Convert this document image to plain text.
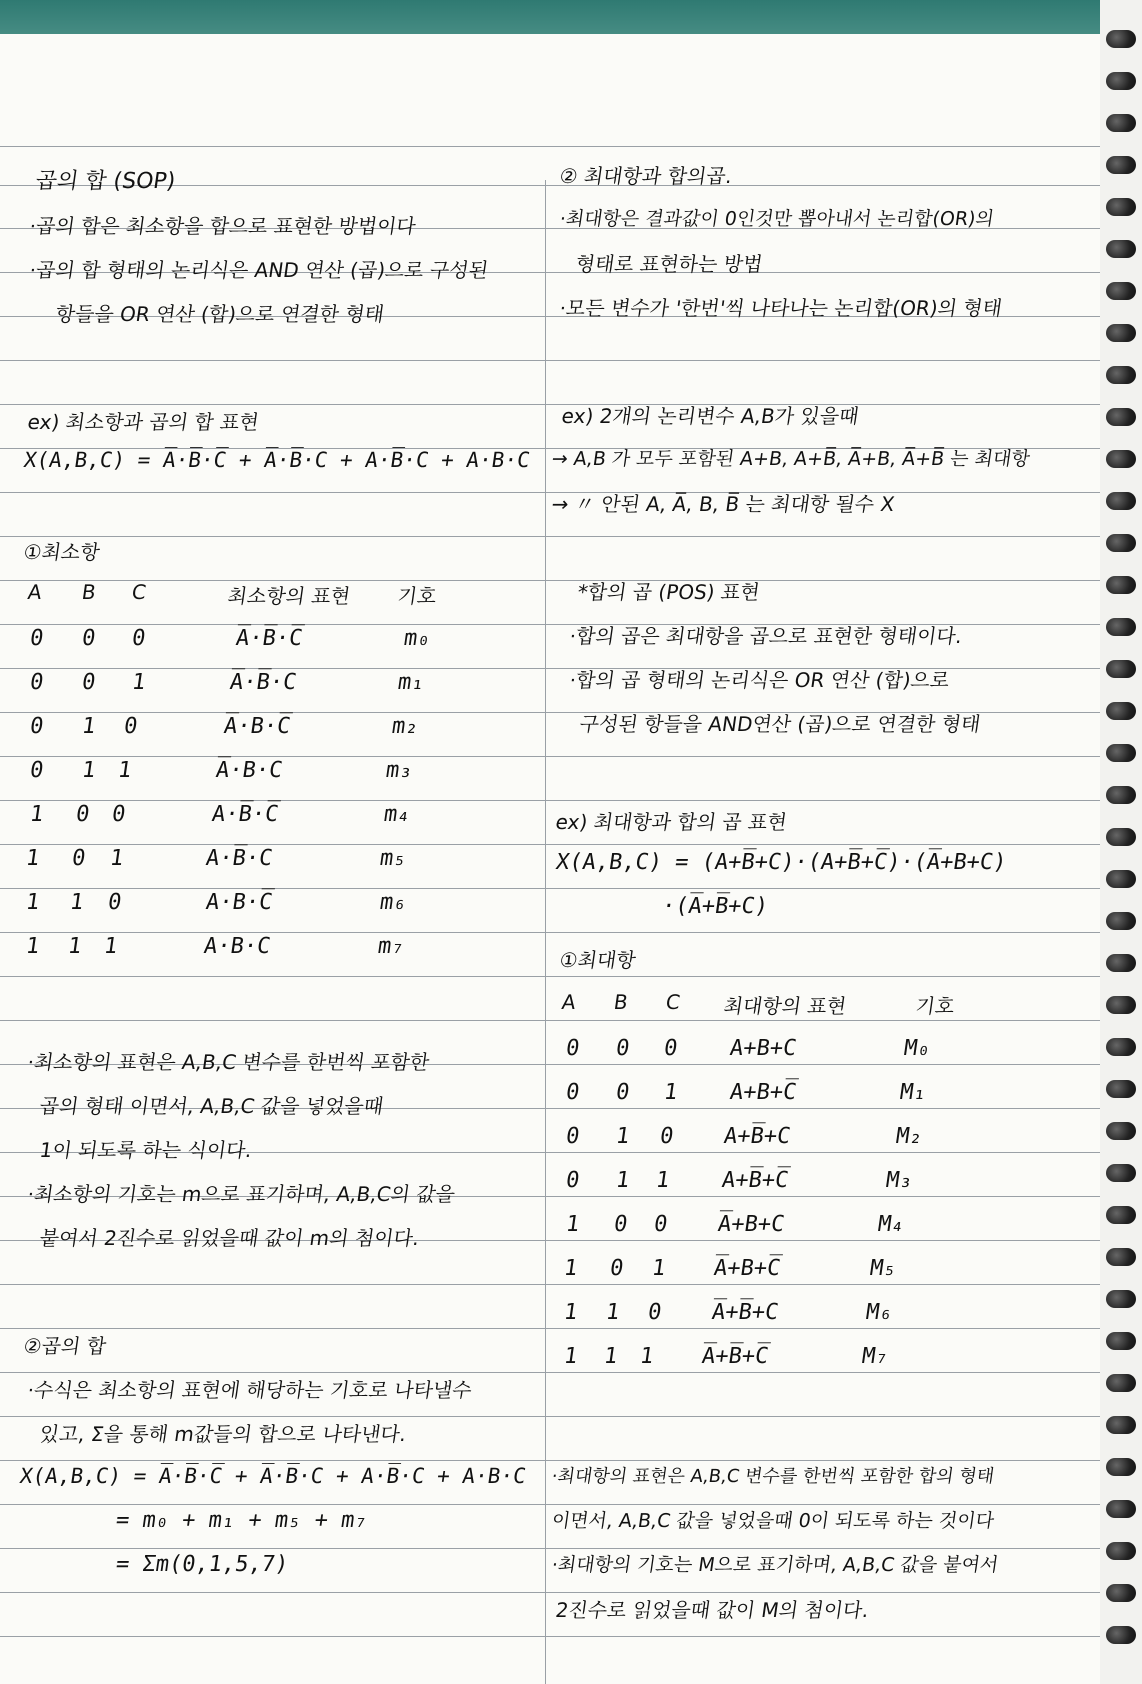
곱의 합 (SOP)
·곱의 합은 최소항을 합으로 표현한 방법이다
·곱의 합 형태의 논리식은 AND 연산 (곱)으로 구성된
항들을 OR 연산 (합)으로 연결한 형태
ex) 최소항과 곱의 합 표현
X(A,B,C) = A̅·B̅·C̅ + A̅·B̅·C + A·B̅·C + A·B·C
①최소항
A B C	최소항의 표현 기호
0 0 0	A̅·B̅·C̅	m₀
0 0 1	A̅·B̅·C	m₁
0 1 0	A̅·B·C̅	m₂
0 1 1	A̅·B·C	m₃
1 0 0	A·B̅·C̅	m₄
1 0 1	A·B̅·C	m₅
1 1 0	A·B·C̅	m₆
1 1 1	A·B·C	m₇
·최소항의 표현은 A,B,C 변수를 한번씩 포함한
곱의 형태 이면서, A,B,C 값을 넣었을때
1이 되도록 하는 식이다.
·최소항의 기호는 m으로 표기하며, A,B,C의 값을
붙여서 2진수로 읽었을때 값이 m의 첨이다.
②곱의 합
·수식은 최소항의 표현에 해당하는 기호로 나타낼수
있고, Σ을 통해 m값들의 합으로 나타낸다.
X(A,B,C) = A̅·B̅·C̅ + A̅·B̅·C + A·B̅·C + A·B·C
= m₀ + m₁ + m₅ + m₇
= Σm(0,1,5,7)
② 최대항과 합의곱.
·최대항은 결과값이 0인것만 뽑아내서 논리합(OR)의
형태로 표현하는 방법
·모든 변수가 '한번'씩 나타나는 논리합(OR)의 형태
ex) 2개의 논리변수 A,B가 있을때
→ A,B 가 모두 포함된 A+B, A+B̅, A̅+B, A̅+B̅ 는 최대항
→ 〃 안된 A, A̅, B, B̅ 는 최대항 될수 X
*합의 곱 (POS) 표현
·합의 곱은 최대항을 곱으로 표현한 형태이다.
·합의 곱 형태의 논리식은 OR 연산 (합)으로
구성된 항들을 AND연산 (곱)으로 연결한 형태
ex) 최대항과 합의 곱 표현
X(A,B,C) = (A+B̅+C)·(A+B̅+C̅)·(A̅+B+C)
·(A̅+B̅+C)
①최대항
A B C 최대항의 표현	기호
0 0 0 A+B+C	M₀
0 0 1 A+B+C̅	M₁
0 1 0 A+B̅+C	M₂
0 1 1 A+B̅+C̅	M₃
1 0 0 A̅+B+C	M₄
1 0 1 A̅+B+C̅	M₅
1 1 0 A̅+B̅+C	M₆
1 1 1 A̅+B̅+C̅	M₇
·최대항의 표현은 A,B,C 변수를 한번씩 포함한 합의 형태
이면서, A,B,C 값을 넣었을때 0이 되도록 하는 것이다
·최대항의 기호는 M으로 표기하며, A,B,C 값을 붙여서
2진수로 읽었을때 값이 M의 첨이다.
